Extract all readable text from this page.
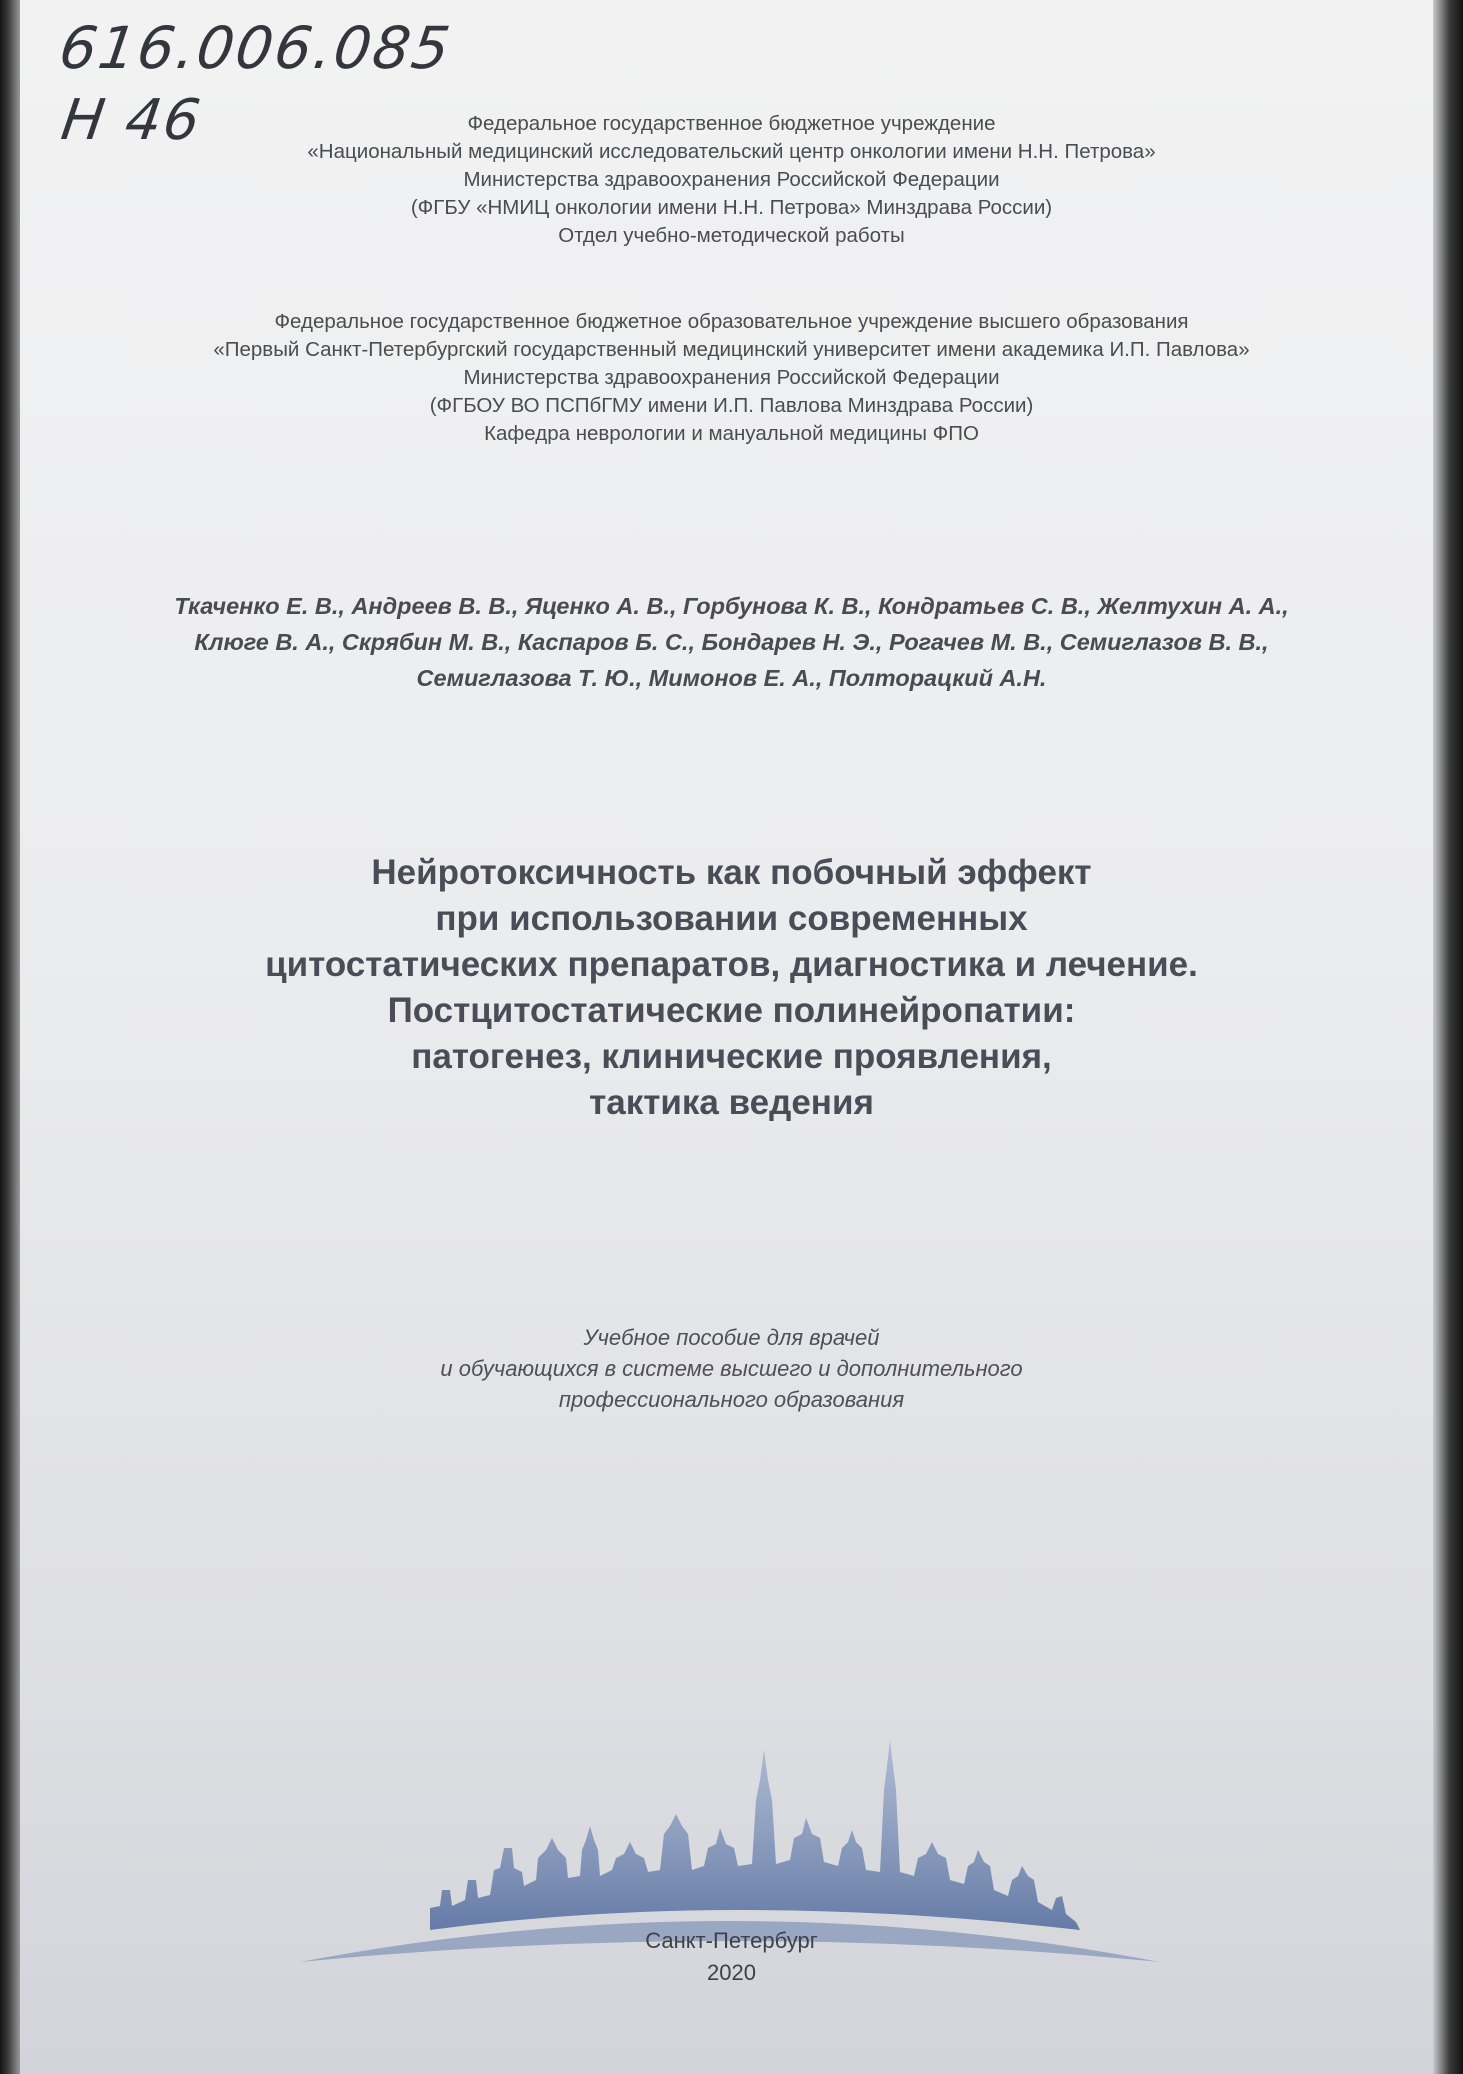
616.006.085
Н 46	Федеральное государственное бюджетное учреждение
«Национальный медицинский исследовательский центр онкологии имени Н.Н. Петрова»
Министерства здравоохранения Российской Федерации
(ФГБУ «НМИЦ онкологии имени Н.Н. Петрова» Минздрава России)
Отдел учебно-методической работы
Федеральное государственное бюджетное образовательное учреждение высшего образования
«Первый Санкт-Петербургский государственный медицинский университет имени академика И.П. Павлова»
Министерства здравоохранения Российской Федерации
(ФГБОУ ВО ПСПбГМУ имени И.П. Павлова Минздрава России)
Кафедра неврологии и мануальной медицины ФПО
Ткаченко Е. В., Андреев В. В., Яценко А. В., Горбунова К. В., Кондратьев С. В., Желтухин А. А.,
Клюге В. А., Скрябин М. В., Каспаров Б. С., Бондарев Н. Э., Рогачев М. В., Семиглазов В. В.,
Семиглазова Т. Ю., Мимонов Е. А., Полторацкий А.Н.
Нейротоксичность как побочный эффект
при использовании современных
цитостатических препаратов, диагностика и лечение.
Постцитостатические полинейропатии:
патогенез, клинические проявления,
тактика ведения
Учебное пособие для врачей
и обучающихся в системе высшего и дополнительного
профессионального образования
Санкт-Петербург
2020
